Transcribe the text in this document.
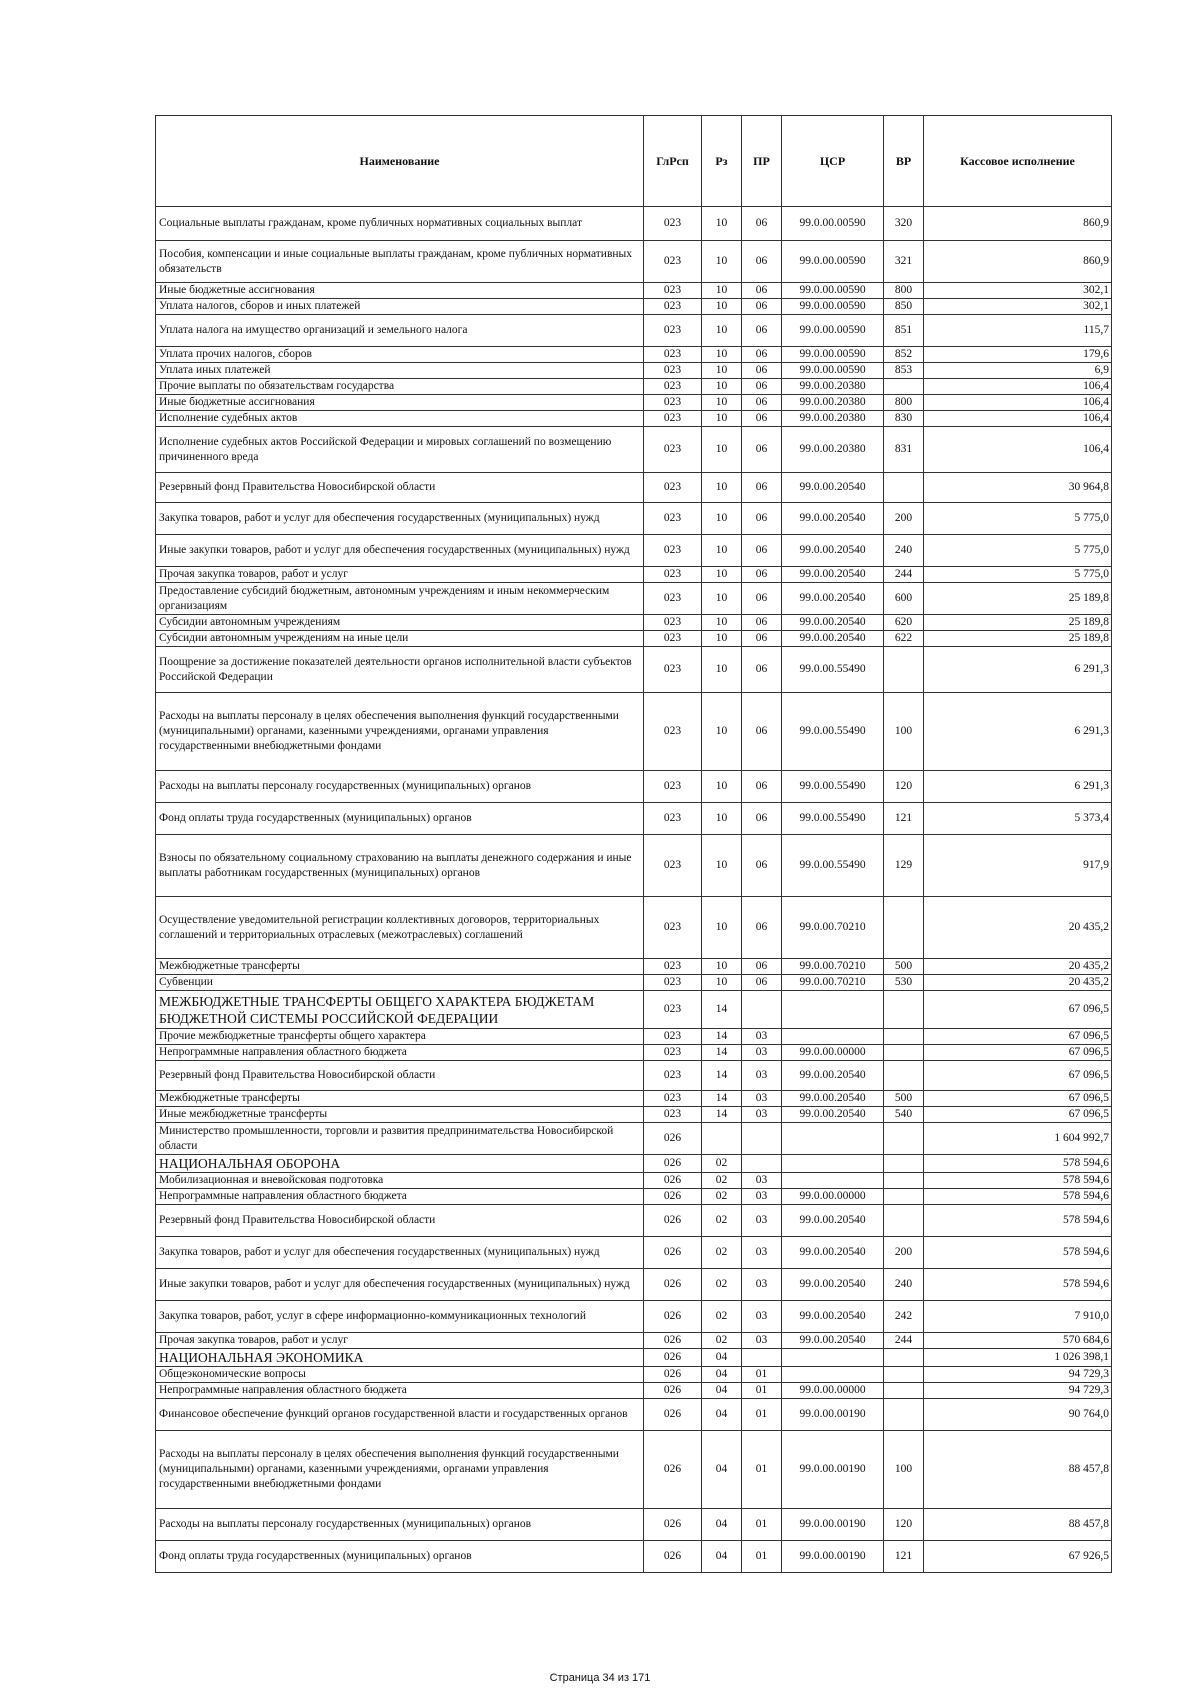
Наименование	ГлРсп	Рз	ПР	ЦСР	ВР	Кассовое исполнение
Социальные выплаты гражданам, кроме публичных нормативных социальных выплат	023	10	06	99.0.00.00590	320	860,9
Пособия, компенсации и иные социальные выплаты гражданам, кроме публичных нормативных обязательств	023	10	06	99.0.00.00590	321	860,9
Иные бюджетные ассигнования	023	10	06	99.0.00.00590	800	302,1
Уплата налогов, сборов и иных платежей	023	10	06	99.0.00.00590	850	302,1
Уплата налога на имущество организаций и земельного налога	023	10	06	99.0.00.00590	851	115,7
Уплата прочих налогов, сборов	023	10	06	99.0.00.00590	852	179,6
Уплата иных платежей	023	10	06	99.0.00.00590	853	6,9
Прочие выплаты по обязательствам государства	023	10	06	99.0.00.20380		106,4
Иные бюджетные ассигнования	023	10	06	99.0.00.20380	800	106,4
Исполнение судебных актов	023	10	06	99.0.00.20380	830	106,4
Исполнение судебных актов Российской Федерации и мировых соглашений по возмещению причиненного вреда	023	10	06	99.0.00.20380	831	106,4
Резервный фонд Правительства Новосибирской области	023	10	06	99.0.00.20540		30 964,8
Закупка товаров, работ и услуг для обеспечения государственных (муниципальных) нужд	023	10	06	99.0.00.20540	200	5 775,0
Иные закупки товаров, работ и услуг для обеспечения государственных (муниципальных) нужд	023	10	06	99.0.00.20540	240	5 775,0
Прочая закупка товаров, работ и услуг	023	10	06	99.0.00.20540	244	5 775,0
Предоставление субсидий бюджетным, автономным учреждениям и иным некоммерческим организациям	023	10	06	99.0.00.20540	600	25 189,8
Субсидии автономным учреждениям	023	10	06	99.0.00.20540	620	25 189,8
Субсидии автономным учреждениям на иные цели	023	10	06	99.0.00.20540	622	25 189,8
Поощрение за достижение показателей деятельности органов исполнительной власти субъектов Российской Федерации	023	10	06	99.0.00.55490		6 291,3
Расходы на выплаты персоналу в целях обеспечения выполнения функций государственными (муниципальными) органами, казенными учреждениями, органами управления государственными внебюджетными фондами	023	10	06	99.0.00.55490	100	6 291,3
Расходы на выплаты персоналу государственных (муниципальных) органов	023	10	06	99.0.00.55490	120	6 291,3
Фонд оплаты труда государственных (муниципальных) органов	023	10	06	99.0.00.55490	121	5 373,4
Взносы по обязательному социальному страхованию на выплаты денежного содержания и иные выплаты работникам государственных (муниципальных) органов	023	10	06	99.0.00.55490	129	917,9
Осуществление уведомительной регистрации коллективных договоров, территориальных соглашений и территориальных отраслевых (межотраслевых) соглашений	023	10	06	99.0.00.70210		20 435,2
Межбюджетные трансферты	023	10	06	99.0.00.70210	500	20 435,2
Субвенции	023	10	06	99.0.00.70210	530	20 435,2
МЕЖБЮДЖЕТНЫЕ ТРАНСФЕРТЫ ОБЩЕГО ХАРАКТЕРА БЮДЖЕТАМ БЮДЖЕТНОЙ СИСТЕМЫ РОССИЙСКОЙ ФЕДЕРАЦИИ	023	14				67 096,5
Прочие межбюджетные трансферты общего характера	023	14	03			67 096,5
Непрограммные направления областного бюджета	023	14	03	99.0.00.00000		67 096,5
Резервный фонд Правительства Новосибирской области	023	14	03	99.0.00.20540		67 096,5
Межбюджетные трансферты	023	14	03	99.0.00.20540	500	67 096,5
Иные межбюджетные трансферты	023	14	03	99.0.00.20540	540	67 096,5
Министерство промышленности, торговли и развития предпринимательства Новосибирской области	026					1 604 992,7
НАЦИОНАЛЬНАЯ ОБОРОНА	026	02				578 594,6
Мобилизационная и вневойсковая подготовка	026	02	03			578 594,6
Непрограммные направления областного бюджета	026	02	03	99.0.00.00000		578 594,6
Резервный фонд Правительства Новосибирской области	026	02	03	99.0.00.20540		578 594,6
Закупка товаров, работ и услуг для обеспечения государственных (муниципальных) нужд	026	02	03	99.0.00.20540	200	578 594,6
Иные закупки товаров, работ и услуг для обеспечения государственных (муниципальных) нужд	026	02	03	99.0.00.20540	240	578 594,6
Закупка товаров, работ, услуг в сфере информационно-коммуникационных технологий	026	02	03	99.0.00.20540	242	7 910,0
Прочая закупка товаров, работ и услуг	026	02	03	99.0.00.20540	244	570 684,6
НАЦИОНАЛЬНАЯ ЭКОНОМИКА	026	04				1 026 398,1
Общеэкономические вопросы	026	04	01			94 729,3
Непрограммные направления областного бюджета	026	04	01	99.0.00.00000		94 729,3
Финансовое обеспечение функций органов государственной власти и государственных органов	026	04	01	99.0.00.00190		90 764,0
Расходы на выплаты персоналу в целях обеспечения выполнения функций государственными (муниципальными) органами, казенными учреждениями, органами управления государственными внебюджетными фондами	026	04	01	99.0.00.00190	100	88 457,8
Расходы на выплаты персоналу государственных (муниципальных) органов	026	04	01	99.0.00.00190	120	88 457,8
Фонд оплаты труда государственных (муниципальных) органов	026	04	01	99.0.00.00190	121	67 926,5
Страница 34 из 171
